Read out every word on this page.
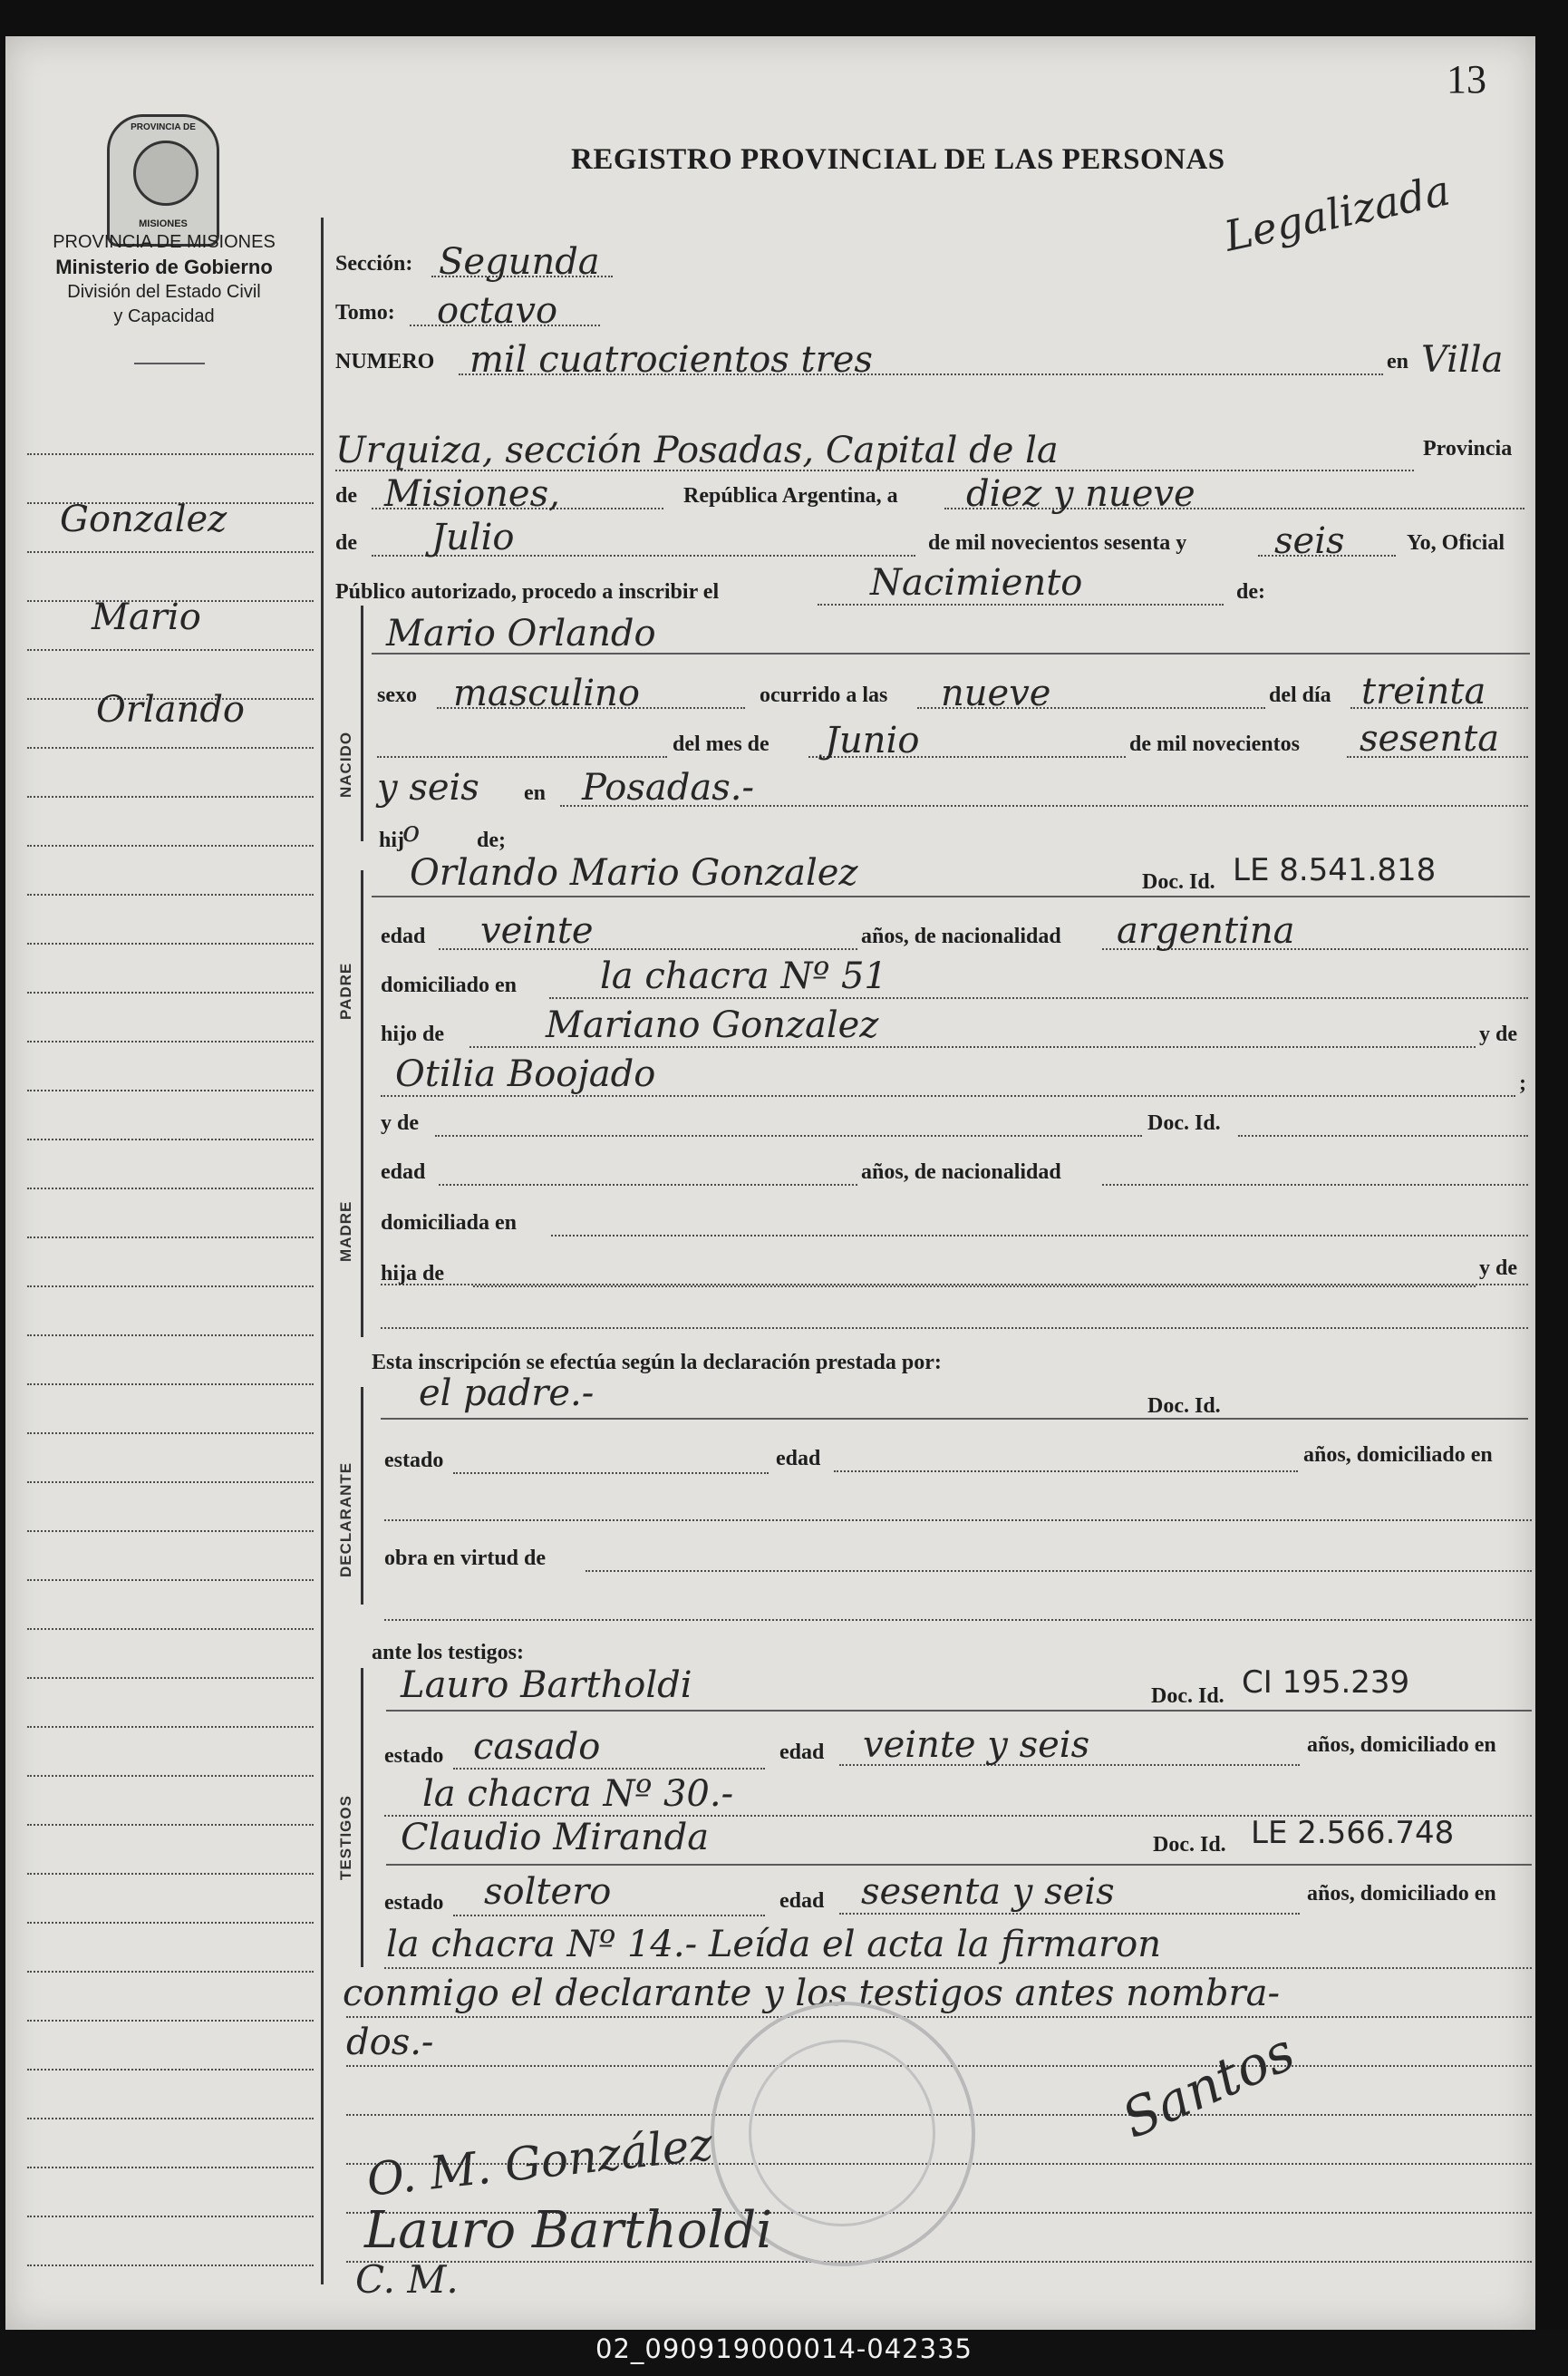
13
REGISTRO PROVINCIAL DE LAS PERSONAS
Legalizada
PROVINCIA DE
MISIONES
PROVINCIA DE MISIONES
Ministerio de Gobierno
División del Estado Civil
y Capacidad
Gonzalez
Mario
Orlando
NACIDO
PADRE
MADRE
DECLARANTE
TESTIGOS
Sección: Segunda
Tomo: octavo
NUMERO mil cuatrocientos tres	en Villa
Urquiza, sección Posadas, Capital de la	Provincia
de Misiones,	República Argentina, a diez y nueve
de Julio	de mil novecientos sesenta y seis	Yo, Oficial
Público autorizado, procedo a inscribir el	Nacimiento	de:
Mario Orlando
sexo masculino	ocurrido a las nueve	del día treinta
del mes de Junio	de mil novecientos sesenta
y seis en Posadas.-
hij
o	de;
Orlando Mario Gonzalez	Doc. Id. LE 8.541.818
edad veinte	años, de nacionalidad argentina
domiciliado en la chacra Nº 51
hijo de	Mariano Gonzalez	y de
Otilia Boojado	;
y de	Doc. Id.
edad	años, de nacionalidad
domiciliada en
hija de	y de
Esta inscripción se efectúa según la declaración prestada por:
el padre.-	Doc. Id.
estado	edad	años, domiciliado en
obra en virtud de
ante los testigos:
Lauro Bartholdi	Doc. Id. CI 195.239
estado casado	edad veinte y seis	años, domiciliado en
la chacra Nº 30.-
Claudio Miranda	Doc. Id. LE 2.566.748
estado soltero	edad sesenta y seis	años, domiciliado en
la chacra Nº 14.- Leída el acta la firmaron
conmigo el declarante y los testigos antes nombra-
dos.-
O. M. González
Lauro Bartholdi
C. M.
Santos
02_090919000014-042335
